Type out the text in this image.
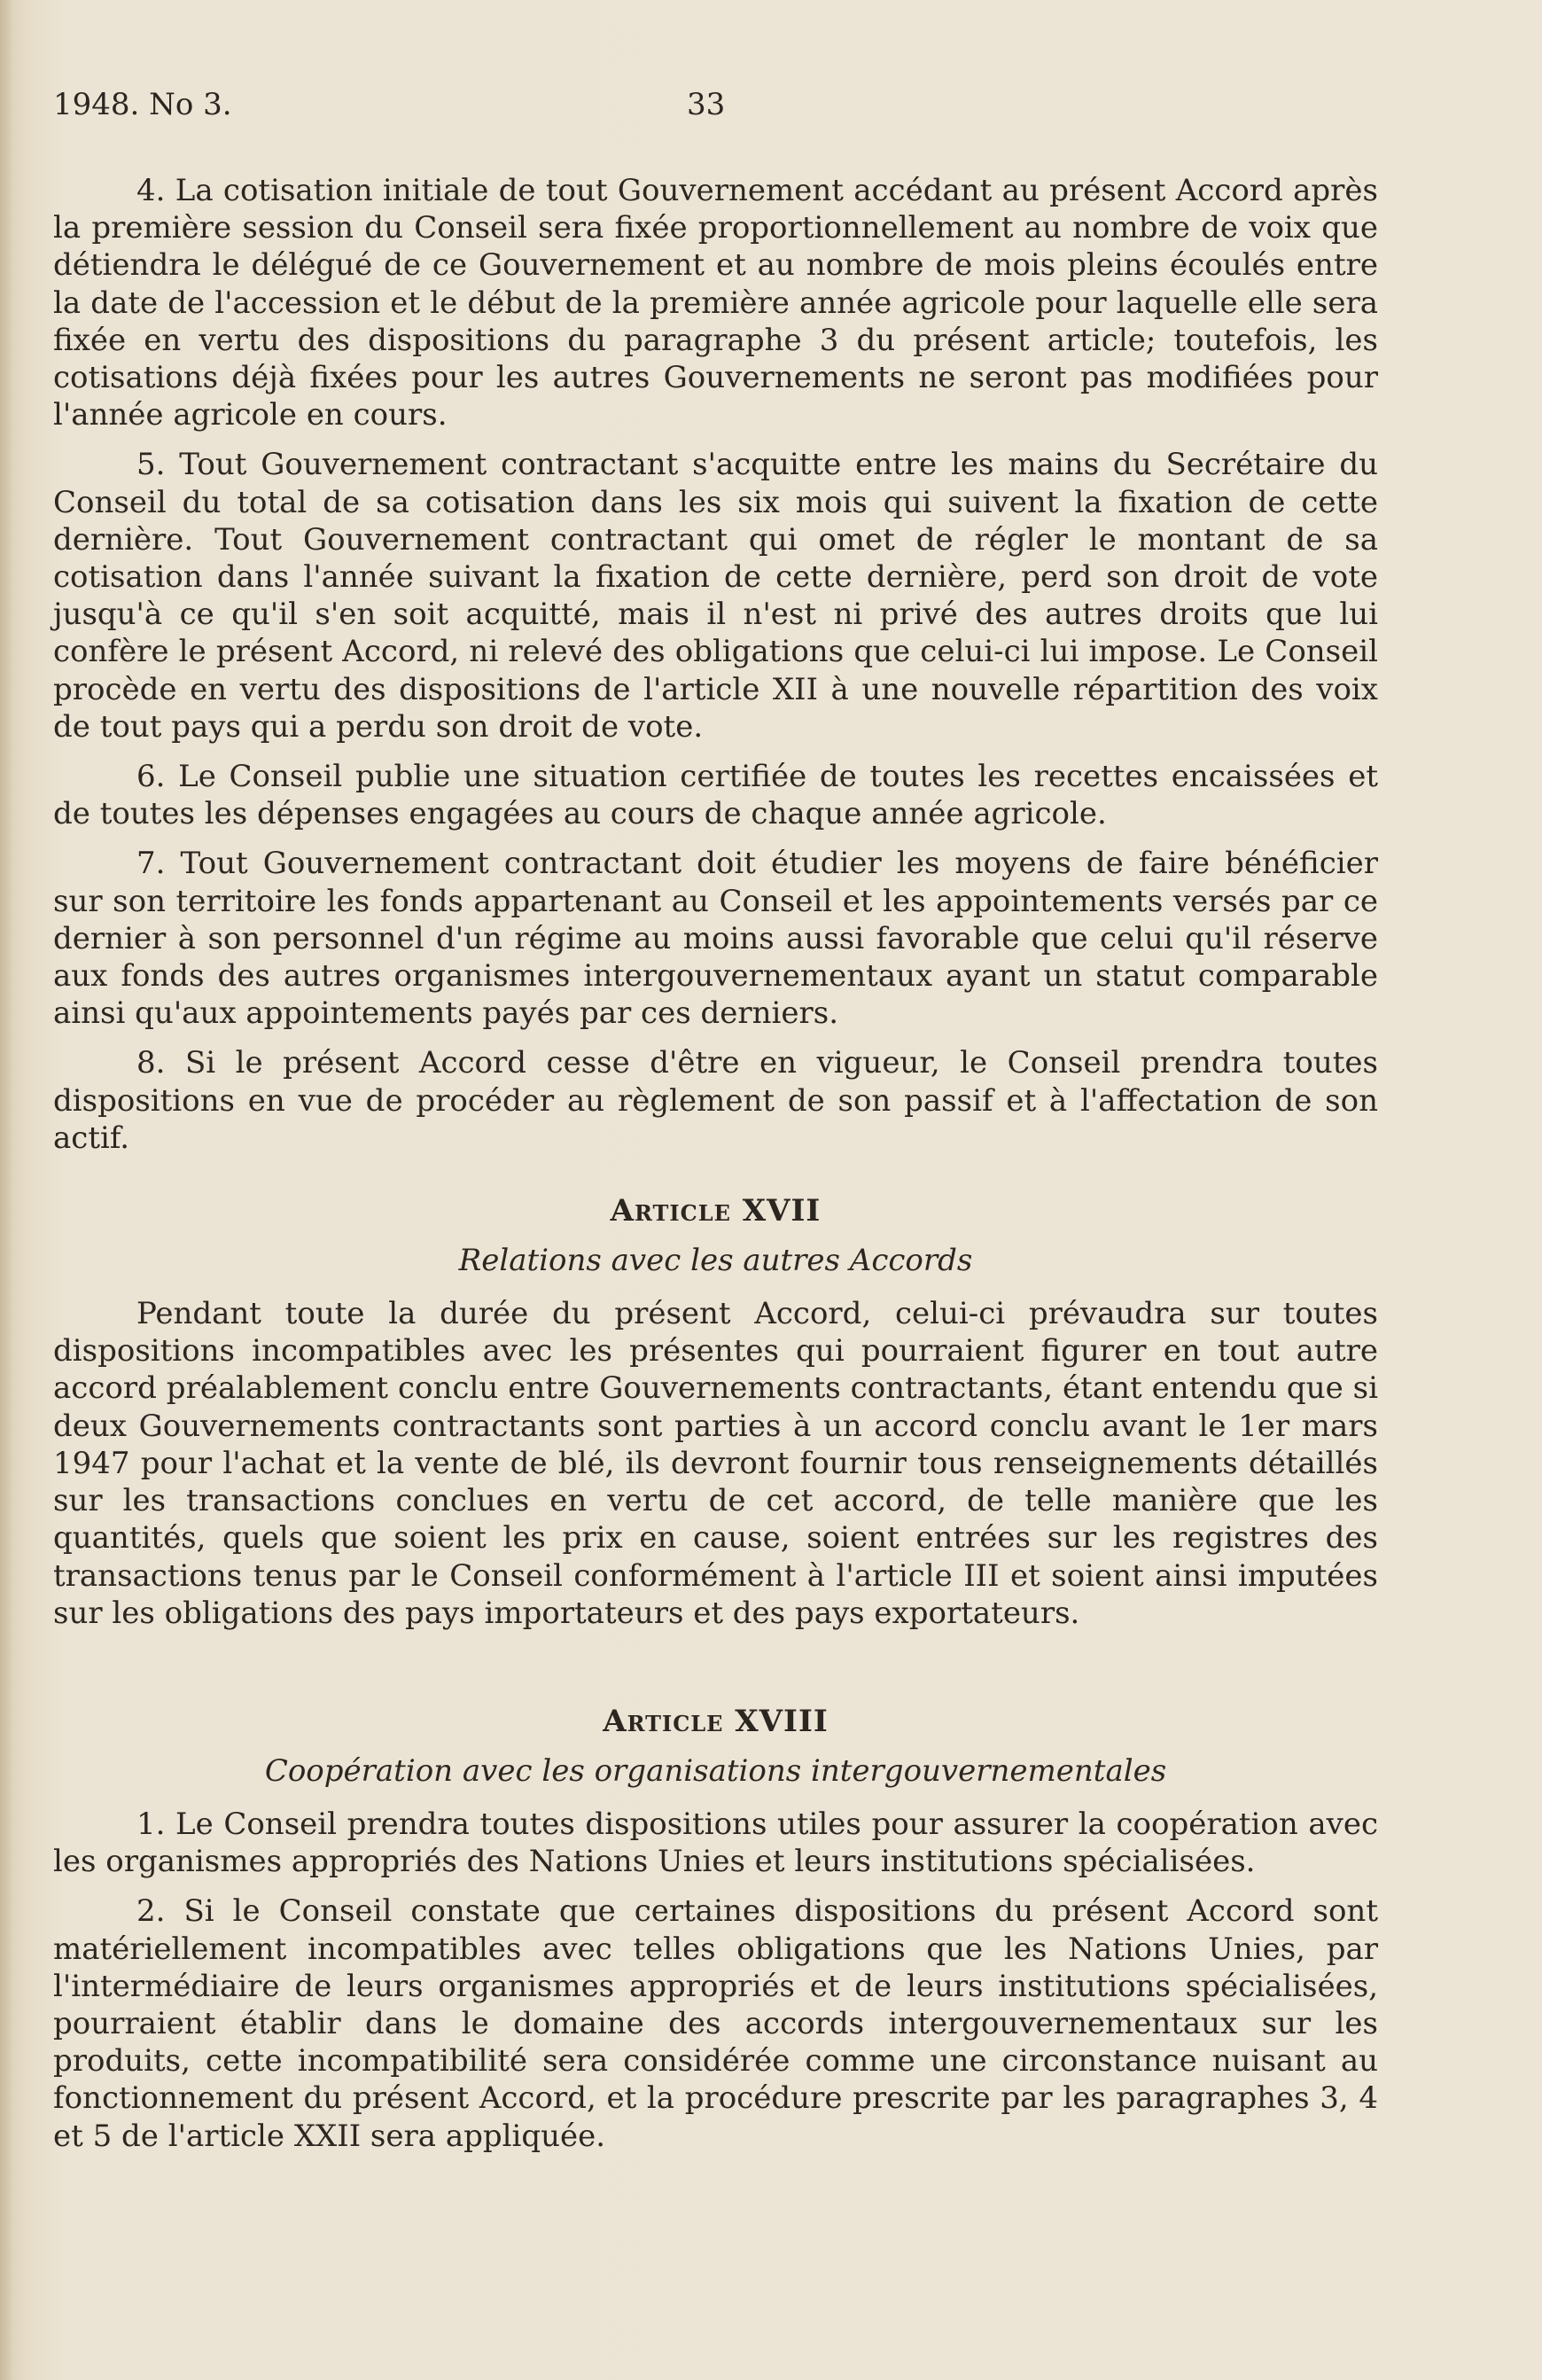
1948. No 3.	33

4. La cotisation initiale de tout Gouvernement accédant au présent Accord après la première session du Conseil sera fixée proportionnellement au nombre de voix que détiendra le délégué de ce Gouvernement et au nombre de mois pleins écoulés entre la date de l'accession et le début de la première année agricole pour laquelle elle sera fixée en vertu des dispositions du paragraphe 3 du présent article; toutefois, les cotisations déjà fixées pour les autres Gouvernements ne seront pas modifiées pour l'année agricole en cours.

5. Tout Gouvernement contractant s'acquitte entre les mains du Secrétaire du Conseil du total de sa cotisation dans les six mois qui suivent la fixation de cette dernière. Tout Gouvernement contractant qui omet de régler le montant de sa cotisation dans l'année suivant la fixation de cette dernière, perd son droit de vote jusqu'à ce qu'il s'en soit acquitté, mais il n'est ni privé des autres droits que lui confère le présent Accord, ni relevé des obligations que celui-ci lui impose. Le Conseil procède en vertu des dispositions de l'article XII à une nouvelle répartition des voix de tout pays qui a perdu son droit de vote.

6. Le Conseil publie une situation certifiée de toutes les recettes encaissées et de toutes les dépenses engagées au cours de chaque année agricole.

7. Tout Gouvernement contractant doit étudier les moyens de faire bénéficier sur son territoire les fonds appartenant au Conseil et les appointements versés par ce dernier à son personnel d'un régime au moins aussi favorable que celui qu'il réserve aux fonds des autres organismes intergouvernementaux ayant un statut comparable ainsi qu'aux appointements payés par ces derniers.

8. Si le présent Accord cesse d'être en vigueur, le Conseil prendra toutes dispositions en vue de procéder au règlement de son passif et à l'affectation de son actif.

Article XVII
Relations avec les autres Accords

Pendant toute la durée du présent Accord, celui-ci prévaudra sur toutes dispositions incompatibles avec les présentes qui pourraient figurer en tout autre accord préalablement conclu entre Gouvernements contractants, étant entendu que si deux Gouvernements contractants sont parties à un accord conclu avant le 1er mars 1947 pour l'achat et la vente de blé, ils devront fournir tous renseignements détaillés sur les transactions conclues en vertu de cet accord, de telle manière que les quantités, quels que soient les prix en cause, soient entrées sur les registres des transactions tenus par le Conseil conformément à l'article III et soient ainsi imputées sur les obligations des pays importateurs et des pays exportateurs.

Article XVIII
Coopération avec les organisations intergouvernementales

1. Le Conseil prendra toutes dispositions utiles pour assurer la coopération avec les organismes appropriés des Nations Unies et leurs institutions spécialisées.

2. Si le Conseil constate que certaines dispositions du présent Accord sont matériellement incompatibles avec telles obligations que les Nations Unies, par l'intermédiaire de leurs organismes appropriés et de leurs institutions spécialisées, pourraient établir dans le domaine des accords intergouvernementaux sur les produits, cette incompatibilité sera considérée comme une circonstance nuisant au fonctionnement du présent Accord, et la procédure prescrite par les paragraphes 3, 4 et 5 de l'article XXII sera appliquée.
